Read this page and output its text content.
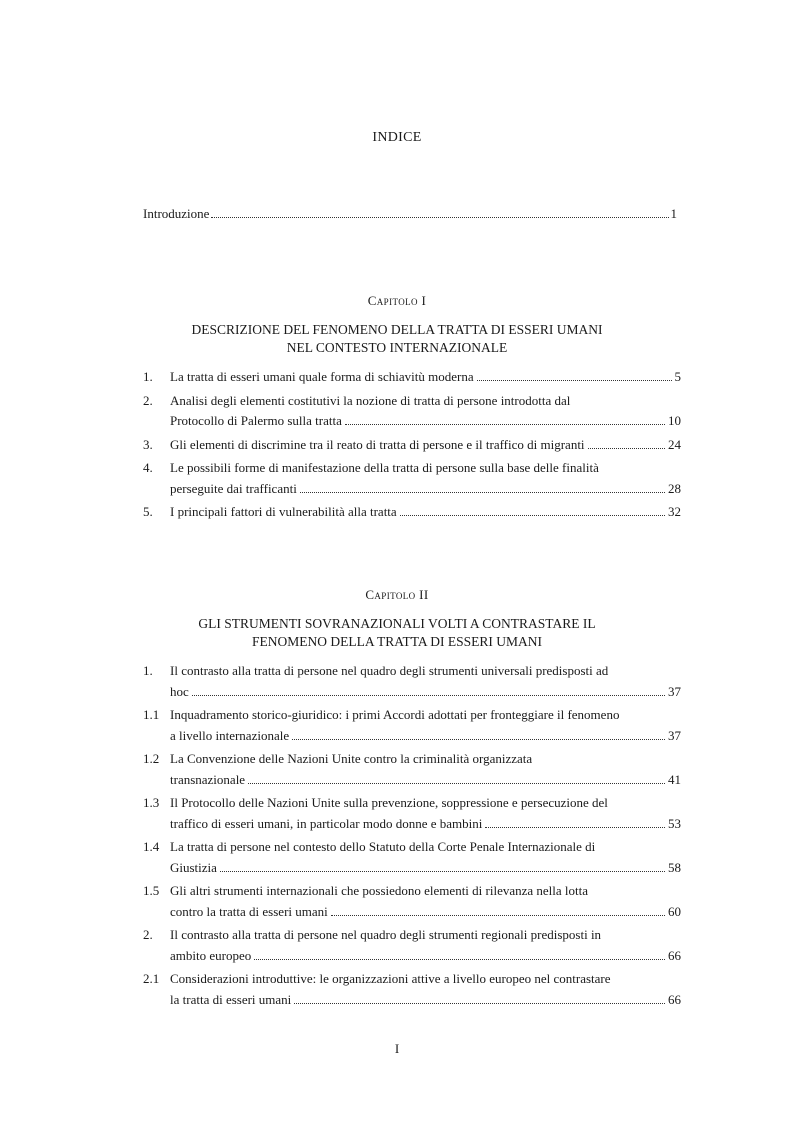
INDICE
Introduzione	1
Capitolo I
DESCRIZIONE DEL FENOMENO DELLA TRATTA DI ESSERI UMANI
NEL CONTESTO INTERNAZIONALE
1. La tratta di esseri umani quale forma di schiavitù moderna	5
2. Analisi degli elementi costitutivi la nozione di tratta di persone introdotta dal
Protocollo di Palermo sulla tratta	10
3. Gli elementi di discrimine tra il reato di tratta di persone e il traffico di migranti	24
4. Le possibili forme di manifestazione della tratta di persone sulla base delle finalità
perseguite dai trafficanti	28
5. I principali fattori di vulnerabilità alla tratta	32
Capitolo II
GLI STRUMENTI SOVRANAZIONALI VOLTI A CONTRASTARE IL
FENOMENO DELLA TRATTA DI ESSERI UMANI
1. Il contrasto alla tratta di persone nel quadro degli strumenti universali predisposti ad
hoc	37
1.1 Inquadramento storico-giuridico: i primi Accordi adottati per fronteggiare il fenomeno
a livello internazionale	37
1.2 La Convenzione delle Nazioni Unite contro la criminalità organizzata
transnazionale	41
1.3 Il Protocollo delle Nazioni Unite sulla prevenzione, soppressione e persecuzione del
traffico di esseri umani, in particolar modo donne e bambini	53
1.4 La tratta di persone nel contesto dello Statuto della Corte Penale Internazionale di
Giustizia	58
1.5 Gli altri strumenti internazionali che possiedono elementi di rilevanza nella lotta
contro la tratta di esseri umani	60
2. Il contrasto alla tratta di persone nel quadro degli strumenti regionali predisposti in
ambito europeo	66
2.1 Considerazioni introduttive: le organizzazioni attive a livello europeo nel contrastare
la tratta di esseri umani	66
I
